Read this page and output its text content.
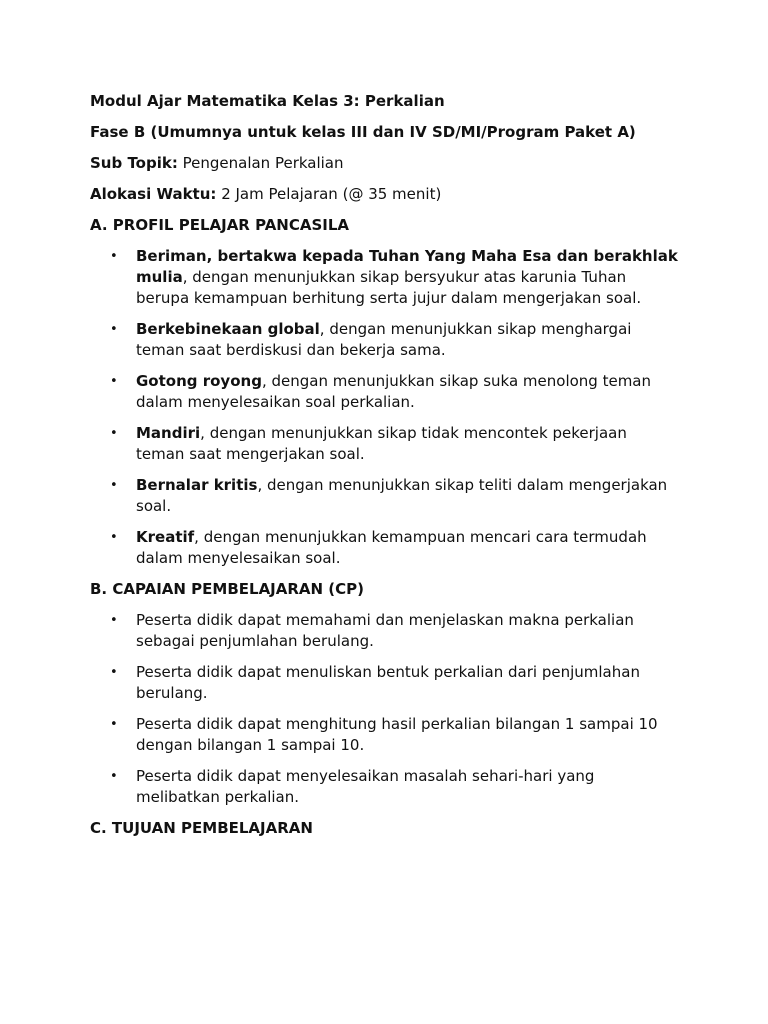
Modul Ajar Matematika Kelas 3: Perkalian

Fase B (Umumnya untuk kelas III dan IV SD/MI/Program Paket A)

Sub Topik: Pengenalan Perkalian

Alokasi Waktu: 2 Jam Pelajaran (@ 35 menit)

A. PROFIL PELAJAR PANCASILA

• Beriman, bertakwa kepada Tuhan Yang Maha Esa dan berakhlak mulia, dengan menunjukkan sikap bersyukur atas karunia Tuhan berupa kemampuan berhitung serta jujur dalam mengerjakan soal.
• Berkebinekaan global, dengan menunjukkan sikap menghargai teman saat berdiskusi dan bekerja sama.
• Gotong royong, dengan menunjukkan sikap suka menolong teman dalam menyelesaikan soal perkalian.
• Mandiri, dengan menunjukkan sikap tidak mencontek pekerjaan teman saat mengerjakan soal.
• Bernalar kritis, dengan menunjukkan sikap teliti dalam mengerjakan soal.
• Kreatif, dengan menunjukkan kemampuan mencari cara termudah dalam menyelesaikan soal.

B. CAPAIAN PEMBELAJARAN (CP)

• Peserta didik dapat memahami dan menjelaskan makna perkalian sebagai penjumlahan berulang.
• Peserta didik dapat menuliskan bentuk perkalian dari penjumlahan berulang.
• Peserta didik dapat menghitung hasil perkalian bilangan 1 sampai 10 dengan bilangan 1 sampai 10.
• Peserta didik dapat menyelesaikan masalah sehari-hari yang melibatkan perkalian.

C. TUJUAN PEMBELAJARAN
